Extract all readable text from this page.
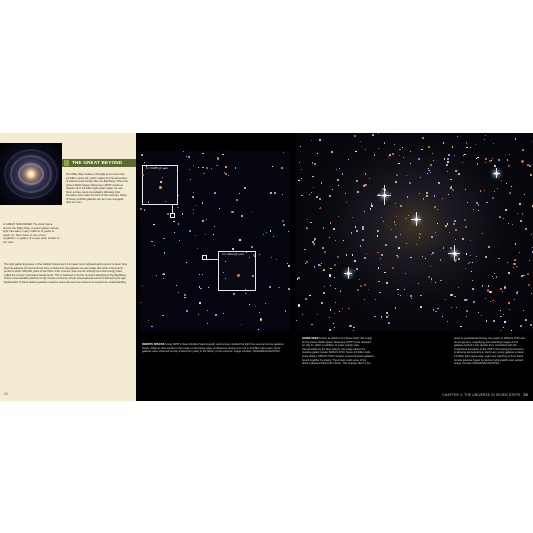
A GREAT MAGNIFIER The dark frame shows the Milky Way, a spiral galaxy whose light has taken many millions of years to reach us. Seen here is one of our neighbors, a galaxy of a type quite similar to our own.
THE GREAT BEYOND
The Milky Way Galaxy is thought to be more than 13 billion years old, which makes its first generation of stars formed shortly after the Big Bang. When the James Webb Space Telescope (JWST) looks at objects 12 to 13 billion light-years away, we see them as they were immediately following their formation soon after the birth of the universe. Many of those youthful galaxies are far more energetic than our own.
The light-gathering power of the Hubble Telescope's 2.4-meter mirror allowed astronomers to learn how the first galaxies formed and how they evolved into the galaxies we see today. But other instruments probe to within 400,000 years of the birth of the cosmos, then record nothing but a dull energy haze, called the cosmic microwave background. This is believed to be the remnant afterglow of the Big Bang. These unremarkable patches of sky reveal a universe whose observational extent is defined by its age. Explanation of these distant galaxies requires new tools and new science to expand our understanding.
24
12.3 billion light-years
13.1 billion light-years
REMOTE SPECKS Using JWST's Near-InfraRed Spectrograph, astronomers studied the light from several remote galaxies, barely visible as faint specks in the image on the facing page. At distances ranging from 12 to 13 billion light-years, these galaxies were observed as they existed very early in the history of the universe. Image courtesy: NASA/ESA/CSA/STScI.
GOING DEEP Known as Webb's First Deep Field, this image by the James Webb Space Telescope (JWST) was released on July 11, 2022. In addition to a few nearby stars (recognizable by the blue spikes), the image shows the massive galaxy cluster SMACS 0723. Some 4.6 billion light-years distant, SMACS 0723 contains several hundred galaxies bound together by gravity. The arrows mark some of the distant galaxies behind the cluster. This strange effect is the
result of gravitational lensing: the gravity of SMACS 0723 acts as a huge lens, magnifying and stretching images of the galaxies behind it into slender arcs. Combined with the exceptional sensitivity of the JWST, the lensing phenomenon is allowing astronomers to study very young galaxies at least 13 billion light-years away. Light now reaching us from these remote galaxies began its journey before Earth even existed. Image courtesy NASA/ESA/CSA/STScI.
CHAPTER 2: THE UNIVERSE IN SEVEN STEPS 25
